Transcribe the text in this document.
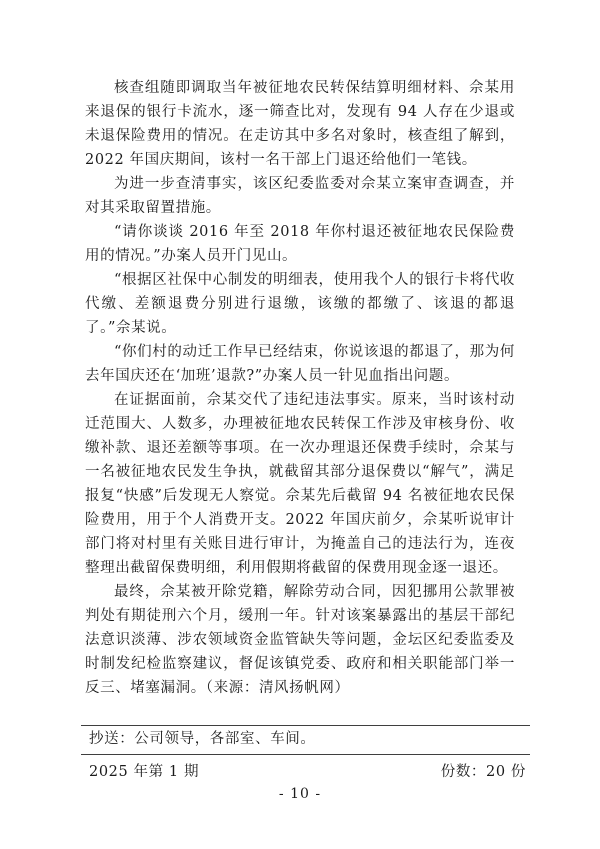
核查组随即调取当年被征地农民转保结算明细材料、佘某用来退保的银行卡流水，逐一筛查比对，发现有 94 人存在少退或未退保险费用的情况。在走访其中多名对象时，核查组了解到，2022 年国庆期间，该村一名干部上门退还给他们一笔钱。

为进一步查清事实，该区纪委监委对佘某立案审查调查，并对其采取留置措施。

“请你谈谈 2016 年至 2018 年你村退还被征地农民保险费用的情况。”办案人员开门见山。

“根据区社保中心制发的明细表，使用我个人的银行卡将代收代缴、差额退费分别进行退缴，该缴的都缴了、该退的都退了。”佘某说。

“你们村的动迁工作早已经结束，你说该退的都退了，那为何去年国庆还在‘加班’退款?”办案人员一针见血指出问题。

在证据面前，佘某交代了违纪违法事实。原来，当时该村动迁范围大、人数多，办理被征地农民转保工作涉及审核身份、收缴补款、退还差额等事项。在一次办理退还保费手续时，佘某与一名被征地农民发生争执，就截留其部分退保费以“解气”，满足报复“快感”后发现无人察觉。佘某先后截留 94 名被征地农民保险费用，用于个人消费开支。2022 年国庆前夕，佘某听说审计部门将对村里有关账目进行审计，为掩盖自己的违法行为，连夜整理出截留保费明细，利用假期将截留的保费用现金逐一退还。

最终，佘某被开除党籍，解除劳动合同，因犯挪用公款罪被判处有期徒刑六个月，缓刑一年。针对该案暴露出的基层干部纪法意识淡薄、涉农领域资金监管缺失等问题，金坛区纪委监委及时制发纪检监察建议，督促该镇党委、政府和相关职能部门举一反三、堵塞漏洞。（来源：清风扬帆网）

抄送：公司领导，各部室、车间。
2025 年第 1 期	份数：20 份
- 10 -
